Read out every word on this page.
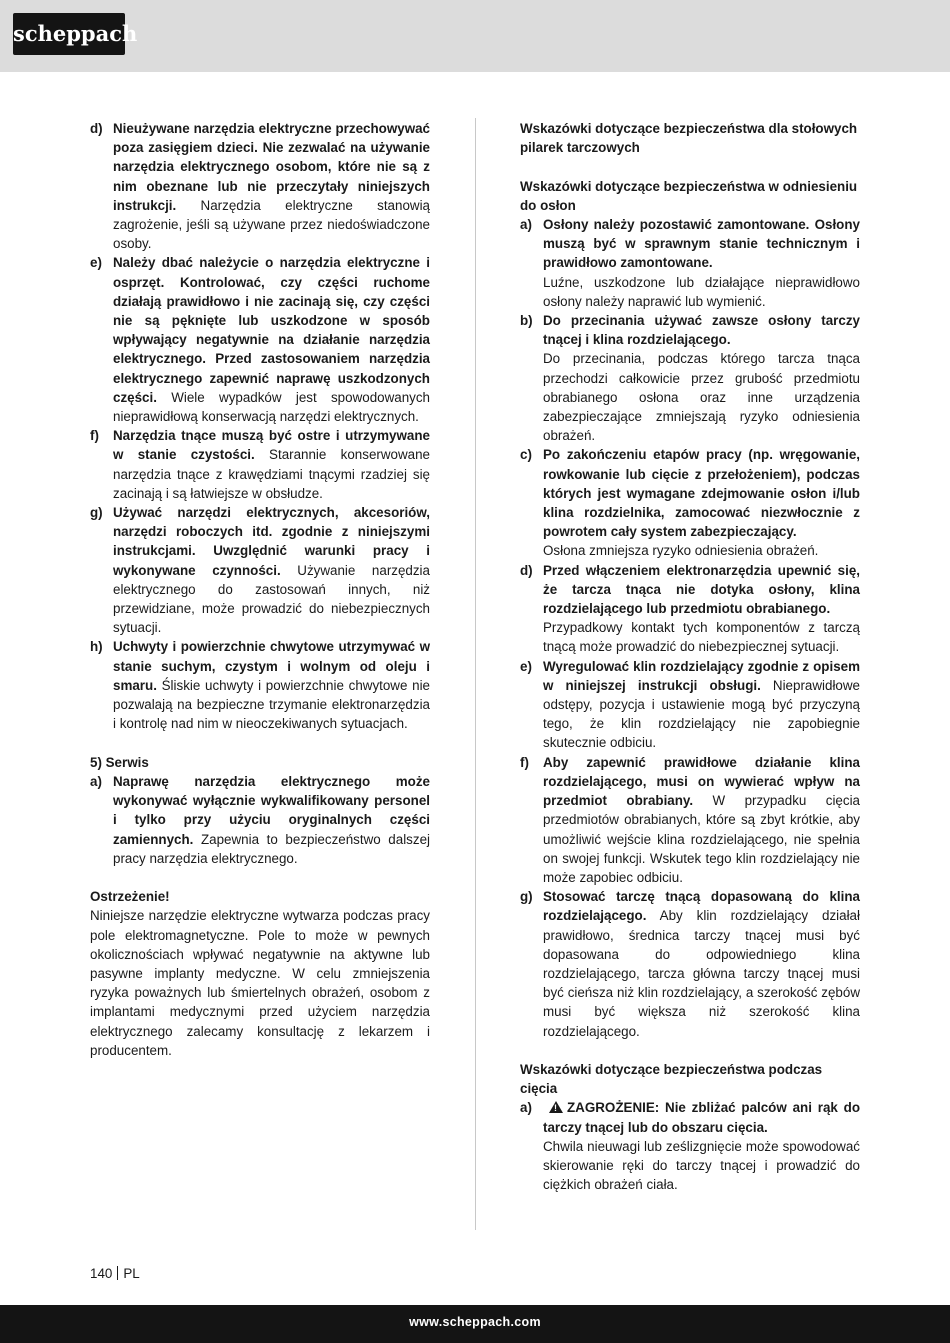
scheppach
d) Nieużywane narzędzia elektryczne przechowywać poza zasięgiem dzieci. Nie zezwalać na używanie narzędzia elektrycznego osobom, które nie są z nim obeznane lub nie przeczytały niniejszych instrukcji. Narzędzia elektryczne stanowią zagrożenie, jeśli są używane przez niedoświadczone osoby.
e) Należy dbać należycie o narzędzia elektryczne i osprzęt. Kontrolować, czy części ruchome działają prawidłowo i nie zacinają się, czy części nie są pęknięte lub uszkodzone w sposób wpływający negatywnie na działanie narzędzia elektrycznego. Przed zastosowaniem narzędzia elektrycznego zapewnić naprawę uszkodzonych części. Wiele wypadków jest spowodowanych nieprawidłową konserwacją narzędzi elektrycznych.
f) Narzędzia tnące muszą być ostre i utrzymywane w stanie czystości. Starannie konserwowane narzędzia tnące z krawędziami tnącymi rzadziej się zacinają i są łatwiejsze w obsłudze.
g) Używać narzędzi elektrycznych, akcesoriów, narzędzi roboczych itd. zgodnie z niniejszymi instrukcjami. Uwzględnić warunki pracy i wykonywane czynności. Używanie narzędzia elektrycznego do zastosowań innych, niż przewidziane, może prowadzić do niebezpiecznych sytuacji.
h) Uchwyty i powierzchnie chwytowe utrzymywać w stanie suchym, czystym i wolnym od oleju i smaru. Śliskie uchwyty i powierzchnie chwytowe nie pozwalają na bezpieczne trzymanie elektronarzędzia i kontrolę nad nim w nieoczekiwanych sytuacjach.
5) Serwis
a) Naprawę narzędzia elektrycznego może wykonywać wyłącznie wykwalifikowany personel i tylko przy użyciu oryginalnych części zamiennych. Zapewnia to bezpieczeństwo dalszej pracy narzędzia elektrycznego.
Ostrzeżenie!
Niniejsze narzędzie elektryczne wytwarza podczas pracy pole elektromagnetyczne. Pole to może w pewnych okolicznościach wpływać negatywnie na aktywne lub pasywne implanty medyczne. W celu zmniejszenia ryzyka poważnych lub śmiertelnych obrażeń, osobom z implantami medycznymi przed użyciem narzędzia elektrycznego zalecamy konsultację z lekarzem i producentem.
Wskazówki dotyczące bezpieczeństwa dla stołowych pilarek tarczowych
Wskazówki dotyczące bezpieczeństwa w odniesieniu do osłon
a) Osłony należy pozostawić zamontowane. Osłony muszą być w sprawnym stanie technicznym i prawidłowo zamontowane.
Luźne, uszkodzone lub działające nieprawidłowo osłony należy naprawić lub wymienić.
b) Do przecinania używać zawsze osłony tarczy tnącej i klina rozdzielającego.
Do przecinania, podczas którego tarcza tnąca przechodzi całkowicie przez grubość przedmiotu obrabianego osłona oraz inne urządzenia zabezpieczające zmniejszają ryzyko odniesienia obrażeń.
c) Po zakończeniu etapów pracy (np. wręgowanie, rowkowanie lub cięcie z przełożeniem), podczas których jest wymagane zdejmowanie osłon i/lub klina rozdzielnika, zamocować niezwłocznie z powrotem cały system zabezpieczający.
Osłona zmniejsza ryzyko odniesienia obrażeń.
d) Przed włączeniem elektronarzędzia upewnić się, że tarcza tnąca nie dotyka osłony, klina rozdzielającego lub przedmiotu obrabianego.
Przypadkowy kontakt tych komponentów z tarczą tnącą może prowadzić do niebezpiecznej sytuacji.
e) Wyregulować klin rozdzielający zgodnie z opisem w niniejszej instrukcji obsługi. Nieprawidłowe odstępy, pozycja i ustawienie mogą być przyczyną tego, że klin rozdzielający nie zapobiegnie skutecznie odbiciu.
f) Aby zapewnić prawidłowe działanie klina rozdzielającego, musi on wywierać wpływ na przedmiot obrabiany. W przypadku cięcia przedmiotów obrabianych, które są zbyt krótkie, aby umożliwić wejście klina rozdzielającego, nie spełnia on swojej funkcji. Wskutek tego klin rozdzielający nie może zapobiec odbiciu.
g) Stosować tarczę tnącą dopasowaną do klina rozdzielającego. Aby klin rozdzielający działał prawidłowo, średnica tarczy tnącej musi być dopasowana do odpowiedniego klina rozdzielającego, tarcza główna tarczy tnącej musi być cieńsza niż klin rozdzielający, a szerokość zębów musi być większa niż szerokość klina rozdzielającego.
Wskazówki dotyczące bezpieczeństwa podczas cięcia
a)
!	ZAGROŻENIE: Nie zbliżać palców ani rąk do tarczy tnącej lub do obszaru cięcia.
Chwila nieuwagi lub ześlizgnięcie może spowodować skierowanie ręki do tarczy tnącej i prowadzić do ciężkich obrażeń ciała.
140 PL
www.scheppach.com
